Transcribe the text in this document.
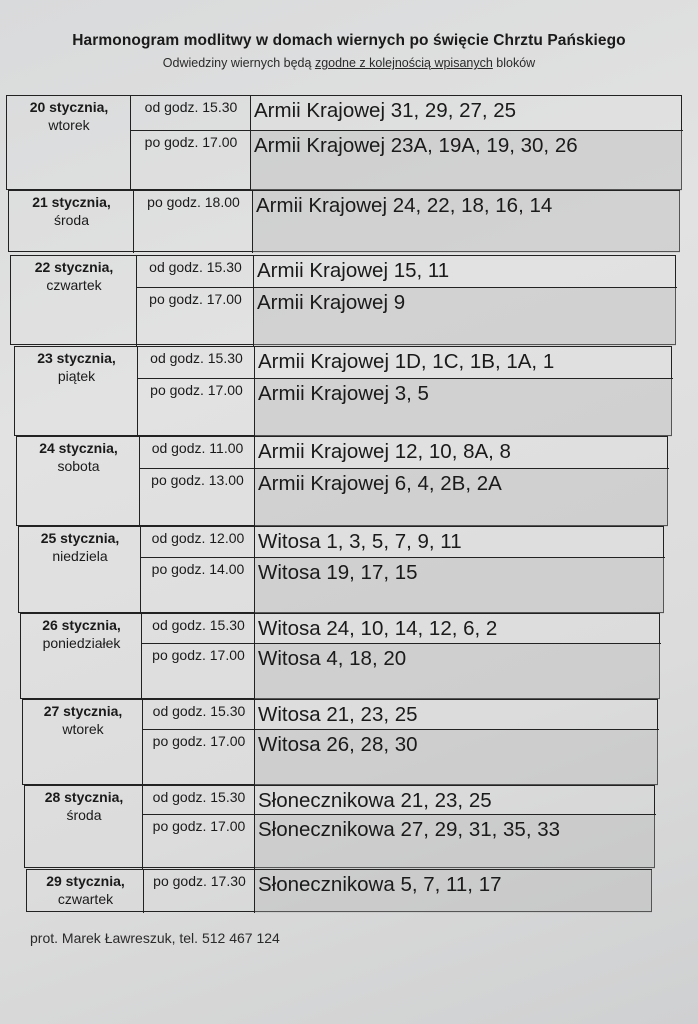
Harmonogram modlitwy w domach wiernych po święcie Chrztu Pańskiego
Odwiedziny wiernych będą zgodne z kolejnością wpisanych bloków
20 stycznia,
wtorek
od godz. 15.30 Armii Krajowej 31, 29, 27, 25
po godz. 17.00 Armii Krajowej 23A, 19A, 19, 30, 26
21 stycznia,
środa
po godz. 18.00 Armii Krajowej 24, 22, 18, 16, 14
22 stycznia,
czwartek
od godz. 15.30 Armii Krajowej 15, 11
po godz. 17.00 Armii Krajowej 9
23 stycznia,
piątek
od godz. 15.30 Armii Krajowej 1D, 1C, 1B, 1A, 1
po godz. 17.00 Armii Krajowej 3, 5
24 stycznia,
sobota
od godz. 11.00 Armii Krajowej 12, 10, 8A, 8
po godz. 13.00 Armii Krajowej 6, 4, 2B, 2A
25 stycznia,
niedziela
od godz. 12.00 Witosa 1, 3, 5, 7, 9, 11
po godz. 14.00 Witosa 19, 17, 15
26 stycznia,
poniedziałek
od godz. 15.30 Witosa 24, 10, 14, 12, 6, 2
po godz. 17.00 Witosa 4, 18, 20
27 stycznia,
wtorek
od godz. 15.30 Witosa 21, 23, 25
po godz. 17.00 Witosa 26, 28, 30
28 stycznia,
środa
od godz. 15.30 Słonecznikowa 21, 23, 25
po godz. 17.00 Słonecznikowa 27, 29, 31, 35, 33
29 stycznia,
czwartek
po godz. 17.30 Słonecznikowa 5, 7, 11, 17
prot. Marek Ławreszuk, tel. 512 467 124
